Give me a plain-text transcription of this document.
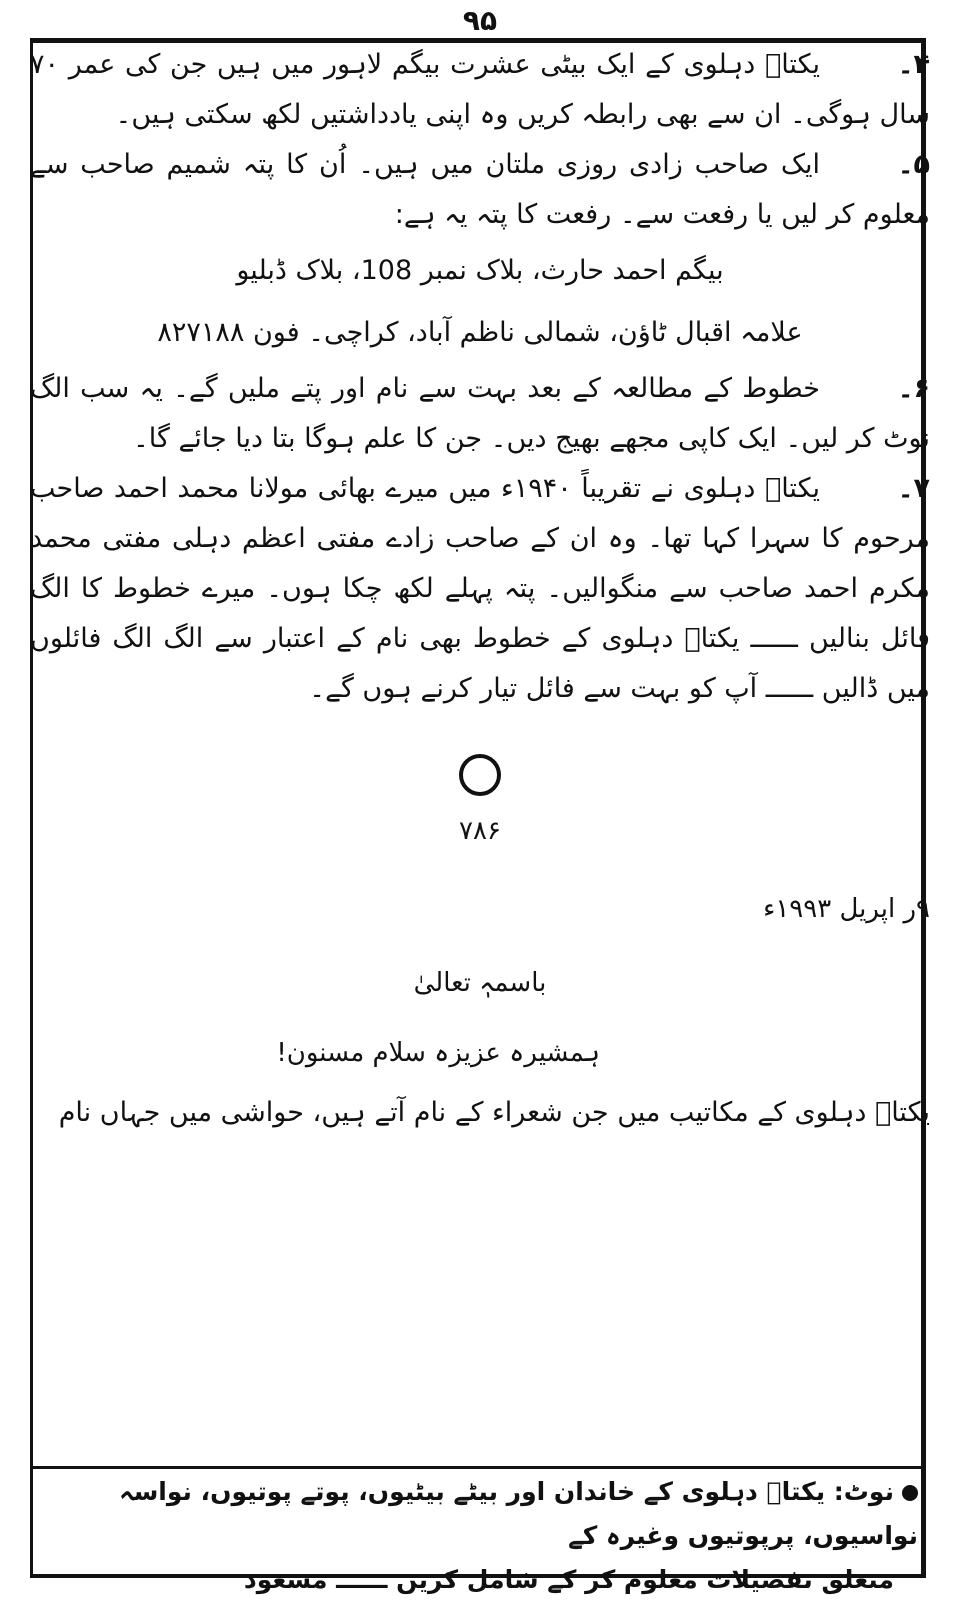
۹۵

۴۔یکتاؔ دہلوی کے ایک بیٹی عشرت بیگم لاہور میں ہیں جن کی عمر ۷۰ سال ہوگی۔ ان سے بھی رابطہ کریں وہ اپنی یادداشتیں لکھ سکتی ہیں۔

۵۔ایک صاحب زادی روزی ملتان میں ہیں۔ اُن کا پتہ شمیم صاحب سے معلوم کر لیں یا رفعت سے۔ رفعت کا پتہ یہ ہے:

بیگم احمد حارث، بلاک نمبر 108، بلاک ڈبلیو
علامہ اقبال ٹاؤن، شمالی ناظم آباد، کراچی۔ فون ۸۲۷۱۸۸

۶۔خطوط کے مطالعہ کے بعد بہت سے نام اور پتے ملیں گے۔ یہ سب الگ نوٹ کر لیں۔ ایک کاپی مجھے بھیج دیں۔ جن کا علم ہوگا بتا دیا جائے گا۔

۷۔یکتاؔ دہلوی نے تقریباً ۱۹۴۰ء میں میرے بھائی مولانا محمد احمد صاحب مرحوم کا سہرا کہا تھا۔ وہ ان کے صاحب زادے مفتی اعظم دہلی مفتی محمد مکرم احمد صاحب سے منگوالیں۔ پتہ پہلے لکھ چکا ہوں۔ میرے خطوط کا الگ فائل بنالیں ــــــ یکتاؔ دہلوی کے خطوط بھی نام کے اعتبار سے الگ الگ فائلوں میں ڈالیں ــــــ آپ کو بہت سے فائل تیار کرنے ہوں گے۔

۷۸۶
۹ر اپریل ۱۹۹۳ء
باسمہٖ تعالیٰ
ہمشیرہ عزیزہ سلام مسنون!
یکتاؔ دہلوی کے مکاتیب میں جن شعراء کے نام آتے ہیں، حواشی میں جہاں نام
نوٹ: یکتاؔ دہلوی کے خاندان اور بیٹے بیٹیوں، پوتے پوتیوں، نواسہ نواسیوں، پرپوتیوں وغیرہ کے
متعلق تفصیلات معلوم کر کے شامل کریں ــــــ مسعود
